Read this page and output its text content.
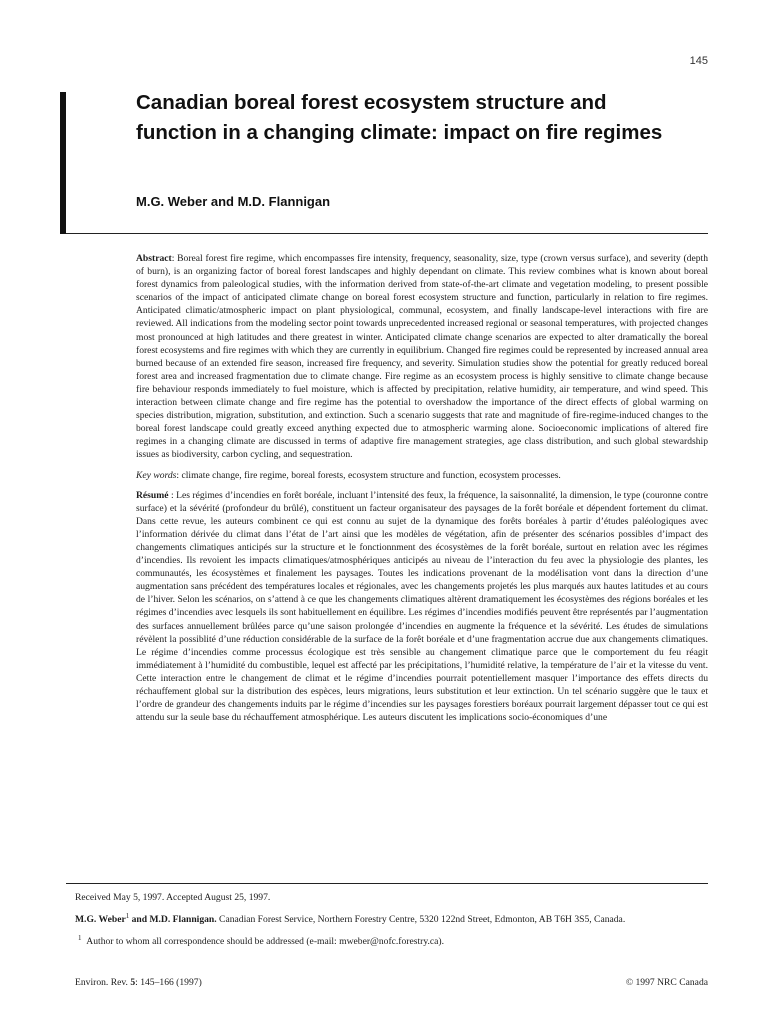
145
Canadian boreal forest ecosystem structure and function in a changing climate: impact on fire regimes
M.G. Weber and M.D. Flannigan

Abstract: Boreal forest fire regime, which encompasses fire intensity, frequency, seasonality, size, type (crown versus surface), and severity (depth of burn), is an organizing factor of boreal forest landscapes and highly dependant on climate. This review combines what is known about boreal forest dynamics from paleological studies, with the information derived from state-of-the-art climate and vegetation modeling, to present possible scenarios of the impact of anticipated climate change on boreal forest ecosystem structure and function, particularly in relation to fire regimes. Anticipated climatic/atmospheric impact on plant physiological, communal, ecosystem, and finally landscape-level interactions with fire are reviewed. All indications from the modeling sector point towards unprecedented increased regional or seasonal temperatures, with projected changes most pronounced at high latitudes and there greatest in winter. Anticipated climate change scenarios are expected to alter dramatically the boreal forest ecosystems and fire regimes with which they are currently in equilibrium. Changed fire regimes could be represented by increased annual area burned because of an extended fire season, increased fire frequency, and severity. Simulation studies show the potential for greatly reduced boreal forest area and increased fragmentation due to climate change. Fire regime as an ecosystem process is highly sensitive to climate change because fire behaviour responds immediately to fuel moisture, which is affected by precipitation, relative humidity, air temperature, and wind speed. This interaction between climate change and fire regime has the potential to overshadow the importance of the direct effects of global warming on species distribution, migration, substitution, and extinction. Such a scenario suggests that rate and magnitude of fire-regime-induced changes to the boreal forest landscape could greatly exceed anything expected due to atmospheric warming alone. Socioeconomic implications of altered fire regimes in a changing climate are discussed in terms of adaptive fire management strategies, age class distribution, and such global stewardship issues as biodiversity, carbon cycling, and sequestration.

Key words: climate change, fire regime, boreal forests, ecosystem structure and function, ecosystem processes.

Résumé : Les régimes d’incendies en forêt boréale, incluant l’intensité des feux, la fréquence, la saisonnalité, la dimension, le type (couronne contre surface) et la sévérité (profondeur du brûlé), constituent un facteur organisateur des paysages de la forêt boréale et dépendent fortement du climat. Dans cette revue, les auteurs combinent ce qui est connu au sujet de la dynamique des forêts boréales à partir d’études paléologiques avec l’information dérivée du climat dans l’état de l’art ainsi que les modèles de végétation, afin de présenter des scénarios possibles d’impact des changements climatiques anticipés sur la structure et le fonctionnment des écosystèmes de la forêt boréale, surtout en relation avec les régimes d’incendies. Ils revoient les impacts climatiques/atmosphériques anticipés au niveau de l’interaction du feu avec la physiologie des plantes, les communautés, les écosystèmes et finalement les paysages. Toutes les indications provenant de la modélisation vont dans la direction d’une augmentation sans précédent des températures locales et régionales, avec les changements projetés les plus marqués aux hautes latitudes et au cours de l’hiver. Selon les scénarios, on s’attend à ce que les changements climatiques altèrent dramatiquement les écosystèmes des régions boréales et les régimes d’incendies avec lesquels ils sont habituellement en équilibre. Les régimes d’incendies modifiés peuvent être représentés par l’augmentation des surfaces annuellement brûlées parce qu’une saison prolongée d’incendies en augmente la fréquence et la sévérité. Les études de simulations révèlent la possiblité d’une réduction considérable de la surface de la forêt boréale et d’une fragmentation accrue due aux changements climatiques. Le régime d’incendies comme processus écologique est très sensible au changement climatique parce que le comportement du feu réagit immédiatement à l’humidité du combustible, lequel est affecté par les précipitations, l’humidité relative, la température de l’air et la vitesse du vent. Cette interaction entre le changement de climat et le régime d’incendies pourrait potentiellement masquer l’importance des effets directs du réchauffement global sur la distribution des espèces, leurs migrations, leurs substitution et leur extinction. Un tel scénario suggère que le taux et l’ordre de grandeur des changements induits par le régime d’incendies sur les paysages forestiers boréaux pourrait largement dépasser tout ce qui est attendu sur la seule base du réchauffement atmosphérique. Les auteurs discutent les implications socio-économiques d’une

Received May 5, 1997. Accepted August 25, 1997.

M.G. Weber$^1$ and M.D. Flannigan. Canadian Forest Service, Northern Forestry Centre, 5320 122nd Street, Edmonton, AB T6H 3S5, Canada.

$^1$ Author to whom all correspondence should be addressed (e-mail: mweber@nofc.forestry.ca).

Environ. Rev. 5: 145–166 (1997)	© 1997 NRC Canada
